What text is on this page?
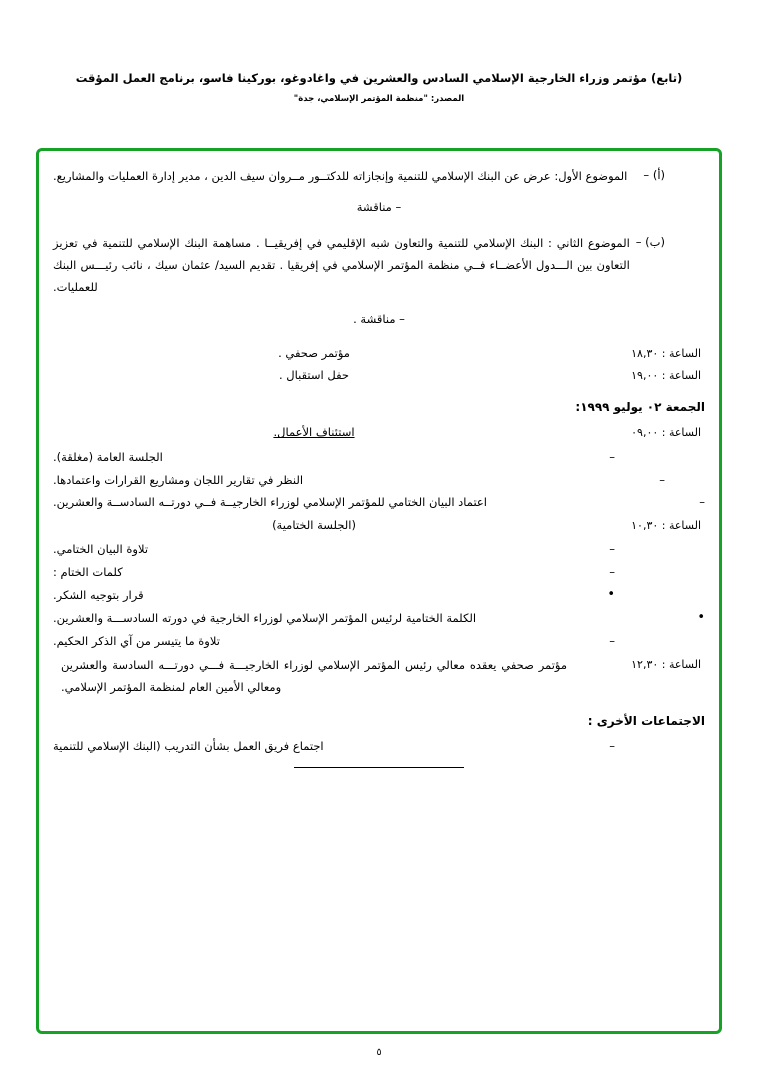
(تابع) مؤتمر وزراء الخارجية الإسلامي السادس والعشرين في واغادوغو، بوركينا فاسو، برنامج العمل المؤقت
المصدر: "منظمة المؤتمر الإسلامي، جدة"
(أ) –
الموضوع الأول: عرض عن البنك الإسلامي للتنمية وإنجازاته للدكتــور مــروان سيف الدين ، مدير إدارة العمليات والمشاريع.
– مناقشة
(ب) –
الموضوع الثاني : البنك الإسلامي للتنمية والتعاون شبه الإقليمي في إفريقيــا . مساهمة البنك الإسلامي للتنمية في تعزيز التعاون بين الـــدول الأعضــاء فــي منظمة المؤتمر الإسلامي في إفريقيا . تقديم السيد/ عثمان سيك ، نائب رئيـــس البنك للعمليات.
– مناقشة .
الساعة : ١٨,٣٠
مؤتمر صحفي .
الساعة : ١٩,٠٠
حفل استقبال .
الجمعة ٠٢ يوليو ١٩٩٩:
الساعة : ٠٩,٠٠
استئناف الأعمال.
–
الجلسة العامة (مغلقة).
–
النظر في تقارير اللجان ومشاريع القرارات واعتمادها.
–
اعتماد البيان الختامي للمؤتمر الإسلامي لوزراء الخارجيــة فــي دورتــه السادســة والعشرين.
الساعة : ١٠,٣٠
(الجلسة الختامية)
–
تلاوة البيان الختامي.
–
كلمات الختام :
•
قرار بتوجيه الشكر.
•
الكلمة الختامية لرئيس المؤتمر الإسلامي لوزراء الخارجية في دورته السادســـة والعشرين.
–
تلاوة ما يتيسر من آي الذكر الحكيم.
الساعة : ١٢,٣٠
مؤتمر صحفي يعقده معالي رئيس المؤتمر الإسلامي لوزراء الخارجيـــة فـــي دورتـــه السادسة والعشرين ومعالي الأمين العام لمنظمة المؤتمر الإسلامي.
الاجتماعات الأخرى :
–
اجتماع فريق العمل بشأن التدريب (البنك الإسلامي للتنمية
٥
